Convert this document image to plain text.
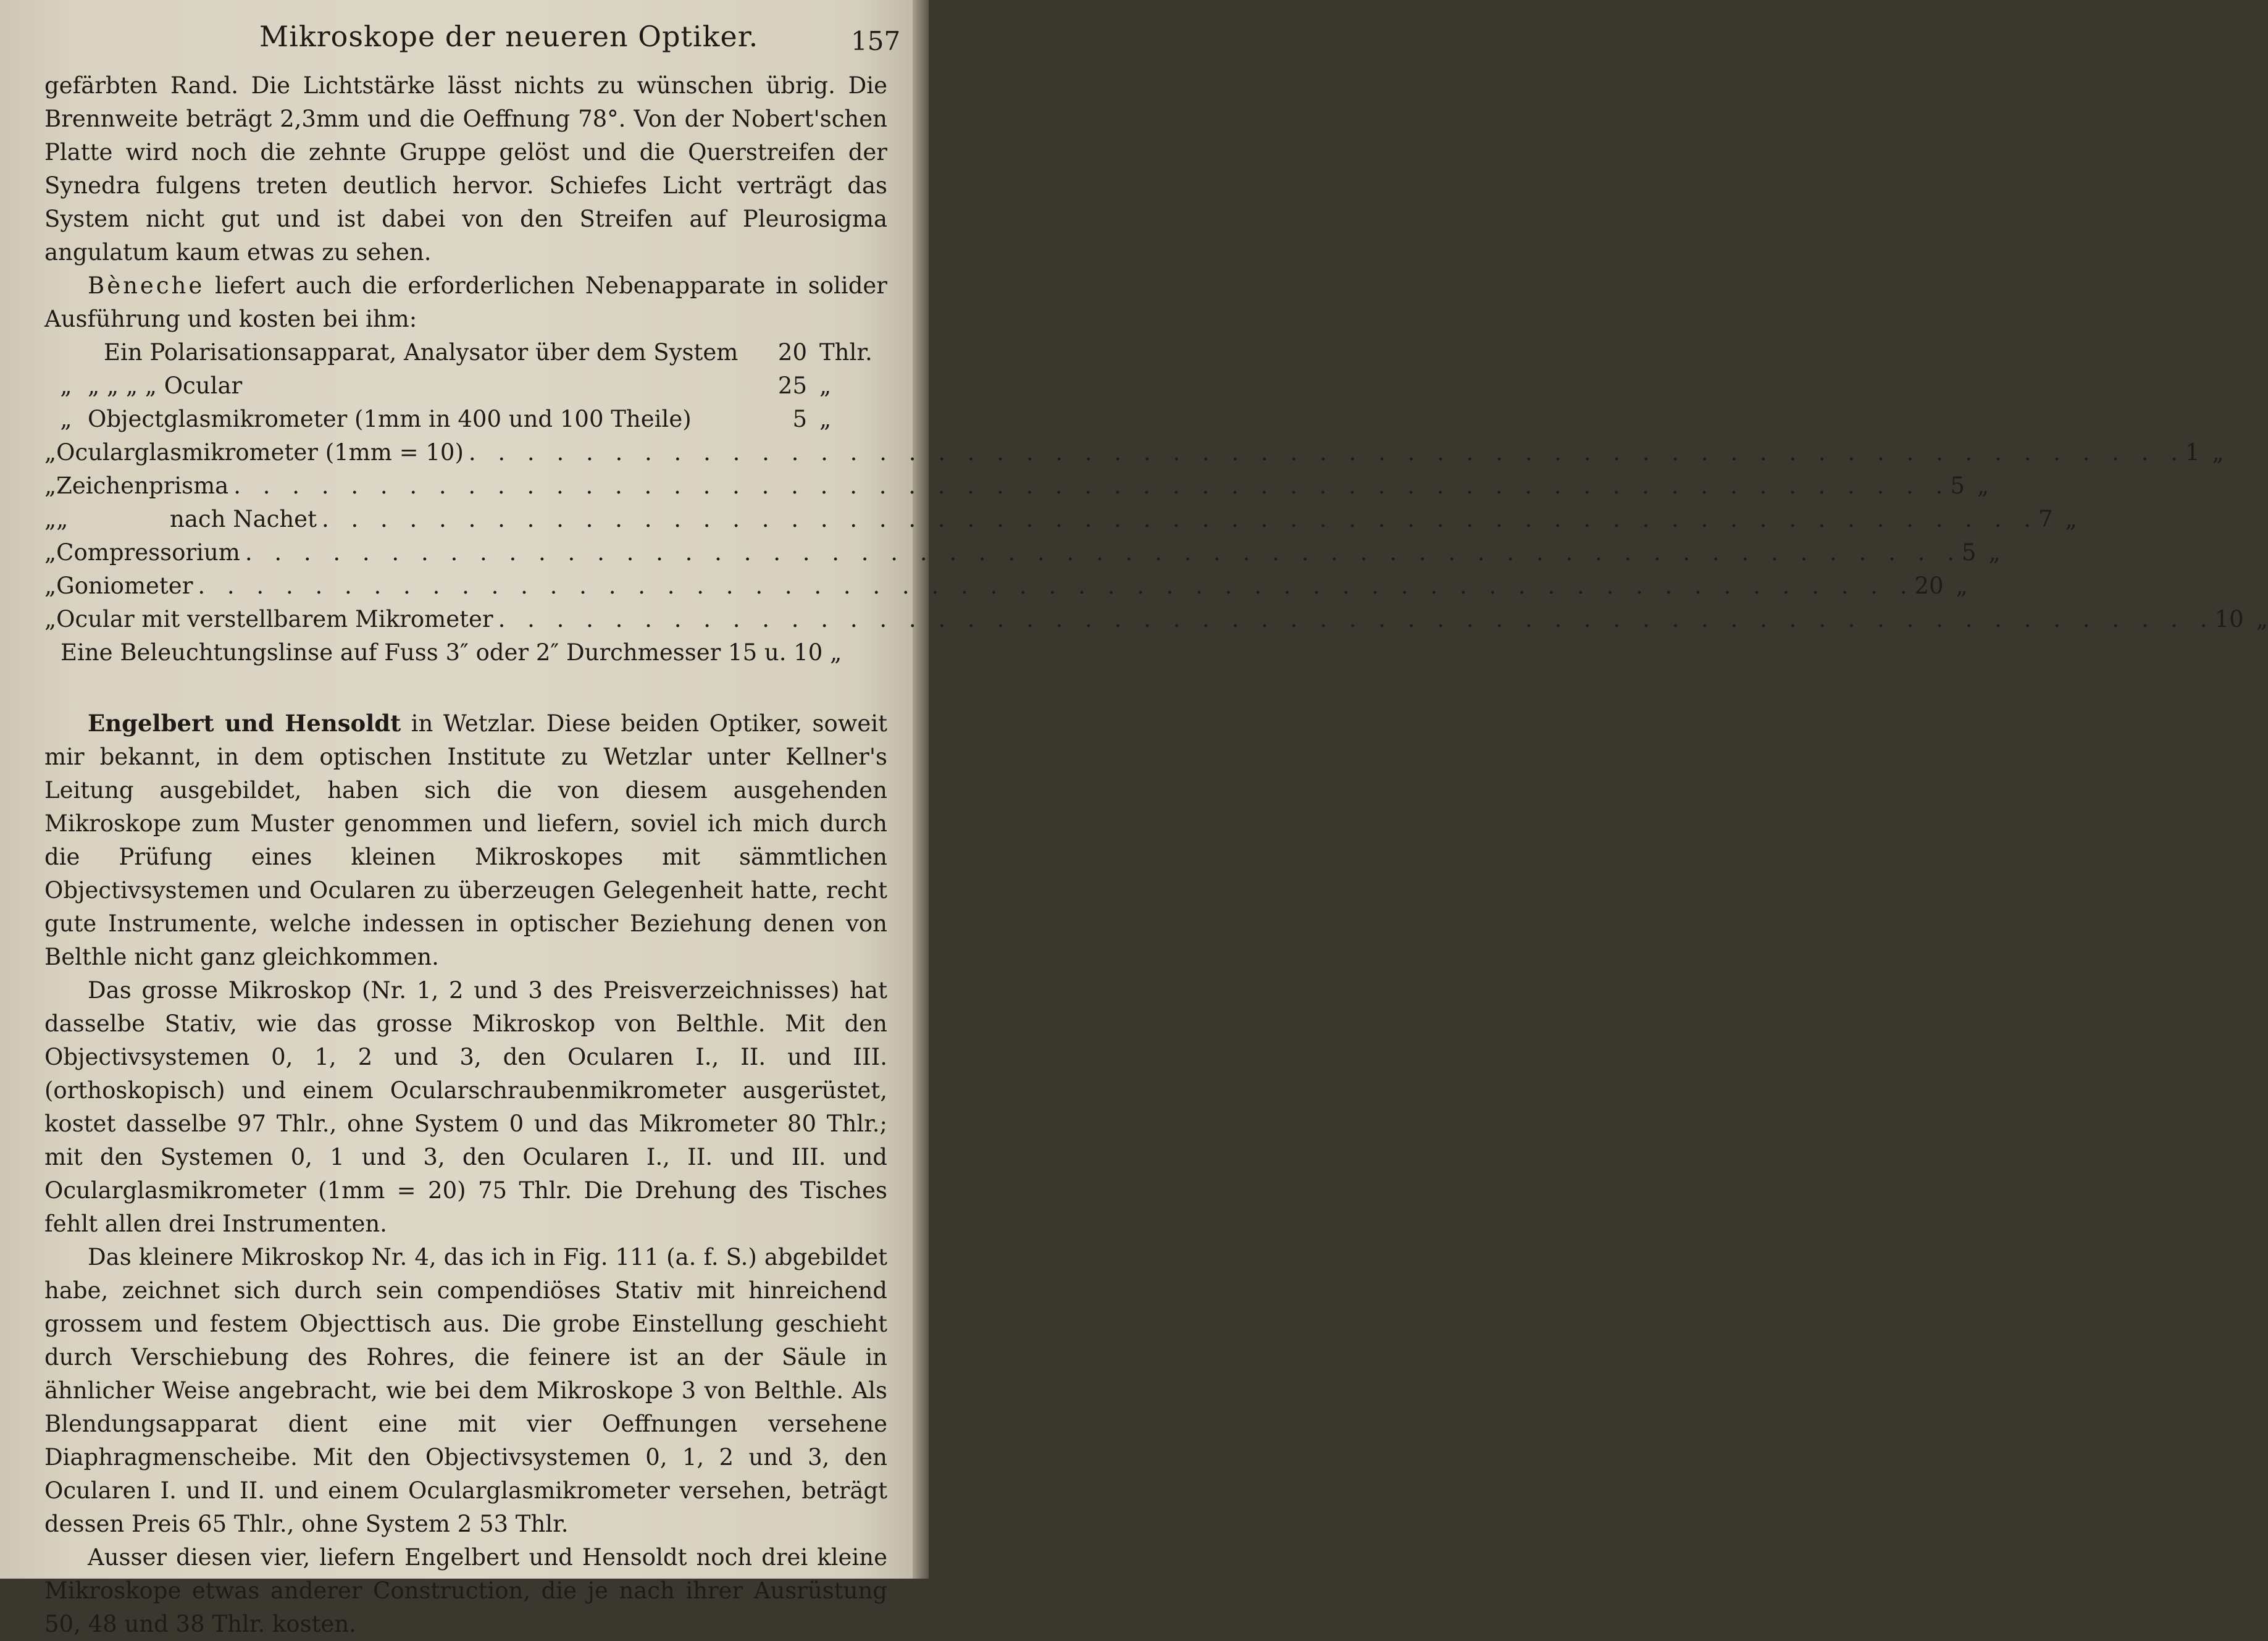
Mikroskope der neueren Optiker.	157

gefärbten Rand. Die Lichtstärke lässt nichts zu wünschen übrig. Die Brennweite beträgt 2,3mm und die Oeffnung 78°. Von der Nobert'schen Platte wird noch die zehnte Gruppe gelöst und die Querstreifen der Synedra fulgens treten deutlich hervor. Schiefes Licht verträgt das System nicht gut und ist dabei von den Streifen auf Pleurosigma angulatum kaum etwas zu sehen.

Bèneche liefert auch die erforderlichen Nebenapparate in solider Ausführung und kosten bei ihm:

Ein Polarisationsapparat, Analysator über dem System	20 Thlr.
„ „ „ „ „ Ocular	25 „
„ Objectglasmikrometer (1mm in 400 und 100 Theile)	5 „
„ Ocularglasmikrometer (1mm = 10) . . .	1 „
„ Zeichenprisma . . .	5 „
„ „              nach Nachet . . .	7 „
„ Compressorium . . .	5 „
„ Goniometer . . .	20 „
„ Ocular mit verstellbarem Mikrometer . . .	10 „
Eine Beleuchtungslinse auf Fuss 3″ oder 2″ Durchmesser 15 u. 10 „

Engelbert und Hensoldt in Wetzlar. Diese beiden Optiker, soweit mir bekannt, in dem optischen Institute zu Wetzlar unter Kellner's Leitung ausgebildet, haben sich die von diesem ausgehenden Mikroskope zum Muster genommen und liefern, soviel ich mich durch die Prüfung eines kleinen Mikroskopes mit sämmtlichen Objectivsystemen und Ocularen zu überzeugen Gelegenheit hatte, recht gute Instrumente, welche indessen in optischer Beziehung denen von Belthle nicht ganz gleichkommen.

Das grosse Mikroskop (Nr. 1, 2 und 3 des Preisverzeichnisses) hat dasselbe Stativ, wie das grosse Mikroskop von Belthle. Mit den Objectivsystemen 0, 1, 2 und 3, den Ocularen I., II. und III. (orthoskopisch) und einem Ocularschraubenmikrometer ausgerüstet, kostet dasselbe 97 Thlr., ohne System 0 und das Mikrometer 80 Thlr.; mit den Systemen 0, 1 und 3, den Ocularen I., II. und III. und Ocularglasmikrometer (1mm = 20) 75 Thlr. Die Drehung des Tisches fehlt allen drei Instrumenten.

Das kleinere Mikroskop Nr. 4, das ich in Fig. 111 (a. f. S.) abgebildet habe, zeichnet sich durch sein compendiöses Stativ mit hinreichend grossem und festem Objecttisch aus. Die grobe Einstellung geschieht durch Verschiebung des Rohres, die feinere ist an der Säule in ähnlicher Weise angebracht, wie bei dem Mikroskope 3 von Belthle. Als Blendungsapparat dient eine mit vier Oeffnungen versehene Diaphragmenscheibe. Mit den Objectivsystemen 0, 1, 2 und 3, den Ocularen I. und II. und einem Ocularglasmikrometer versehen, beträgt dessen Preis 65 Thlr., ohne System 2 53 Thlr.

Ausser diesen vier, liefern Engelbert und Hensoldt noch drei kleine Mikroskope etwas anderer Construction, die je nach ihrer Ausrüstung 50, 48 und 38 Thlr. kosten.
